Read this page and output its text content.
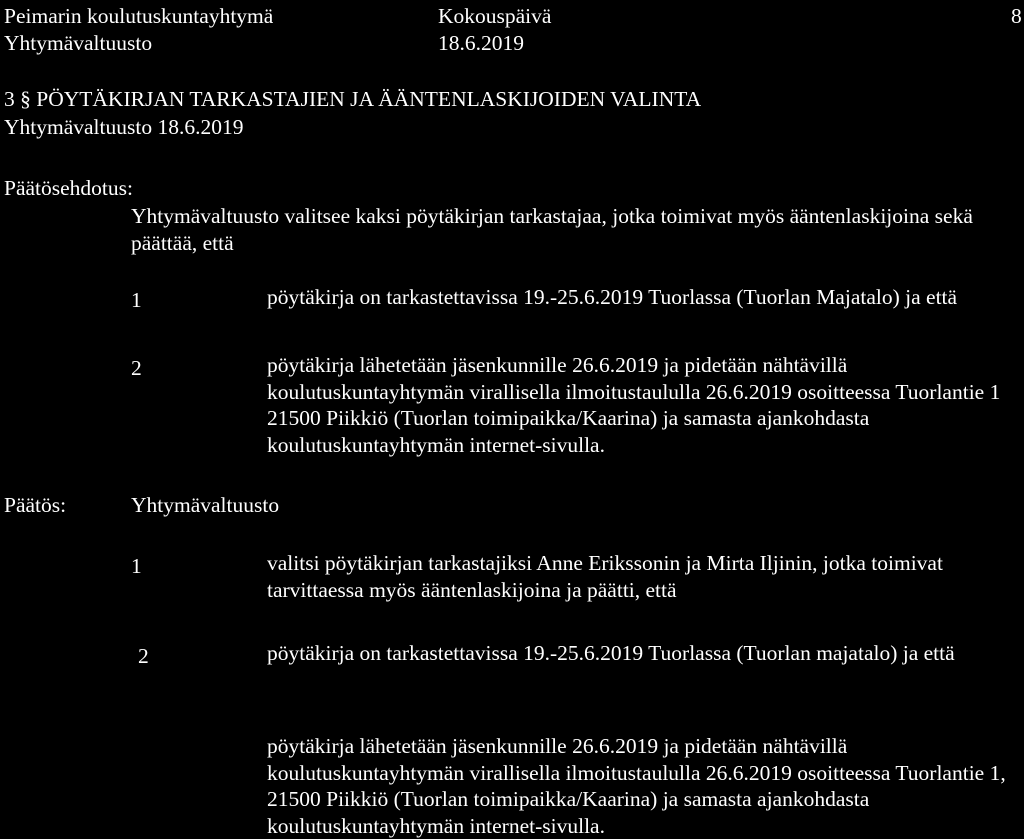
Peimarin koulutuskuntayhtymä
Yhtymävaltuusto
Kokouspäivä
18.6.2019
8
3 § PÖYTÄKIRJAN TARKASTAJIEN JA ÄÄNTENLASKIJOIDEN VALINTA
Yhtymävaltuusto 18.6.2019
Päätösehdotus:
Yhtymävaltuusto valitsee kaksi pöytäkirjan tarkastajaa, jotka toimivat myös ääntenlaskijoina sekä päättää, että
1	pöytäkirja on tarkastettavissa 19.-25.6.2019 Tuorlassa (Tuorlan Majatalo) ja että
2	pöytäkirja lähetetään jäsenkunnille 26.6.2019 ja pidetään nähtävillä koulutuskuntayhtymän virallisella ilmoitustaululla 26.6.2019 osoitteessa Tuorlantie 1 21500 Piikkiö (Tuorlan toimipaikka/Kaarina) ja samasta ajankohdasta koulutuskuntayhtymän internet-sivulla.
Päätös:	Yhtymävaltuusto
1	valitsi pöytäkirjan tarkastajiksi Anne Erikssonin ja Mirta Iljinin, jotka toimivat tarvittaessa myös ääntenlaskijoina ja päätti, että
2	pöytäkirja on tarkastettavissa 19.-25.6.2019 Tuorlassa (Tuorlan majatalo) ja että
pöytäkirja lähetetään jäsenkunnille 26.6.2019 ja pidetään nähtävillä koulutuskuntayhtymän virallisella ilmoitustaululla 26.6.2019 osoitteessa Tuorlantie 1, 21500 Piikkiö (Tuorlan toimipaikka/Kaarina) ja samasta ajankohdasta koulutuskuntayhtymän internet-sivulla.
